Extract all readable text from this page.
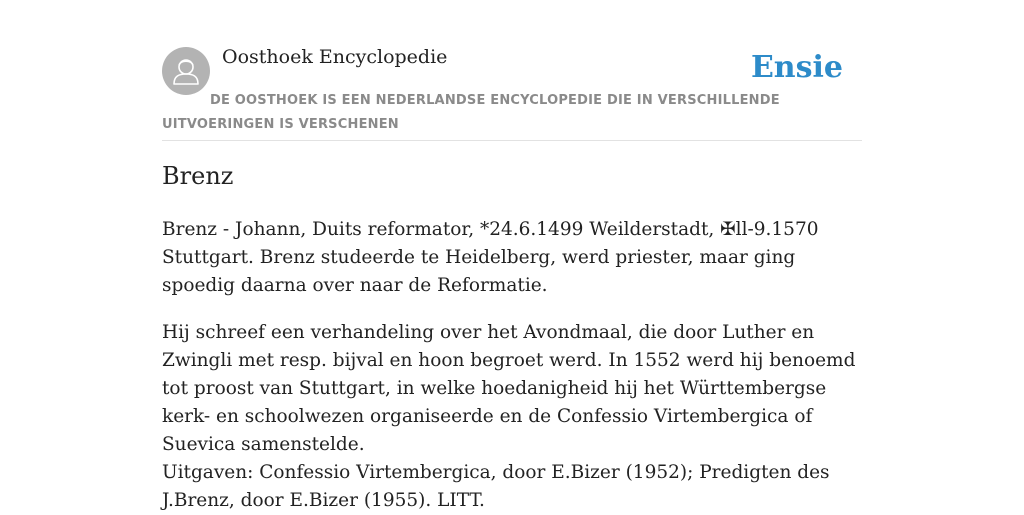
Oosthoek Encyclopedie	Ensie
DE OOSTHOEK IS EEN NEDERLANDSE ENCYCLOPEDIE DIE IN VERSCHILLENDE UITVOERINGEN IS VERSCHENEN
Brenz

Brenz - Johann, Duits reformator, *24.6.1499 Weilderstadt, ✠ll-9.1570 Stuttgart. Brenz studeerde te Heidelberg, werd priester, maar ging spoedig daarna over naar de Reformatie.

Hij schreef een verhandeling over het Avondmaal, die door Luther en Zwingli met resp. bijval en hoon begroet werd. In 1552 werd hij benoemd tot proost van Stuttgart, in welke hoedanigheid hij het Württembergse kerk- en schoolwezen organiseerde en de Confessio Virtembergica of Suevica samenstelde.

Uitgaven: Confessio Virtembergica, door E.Bizer (1952); Predigten des J.Brenz, door E.Bizer (1955). LITT.
